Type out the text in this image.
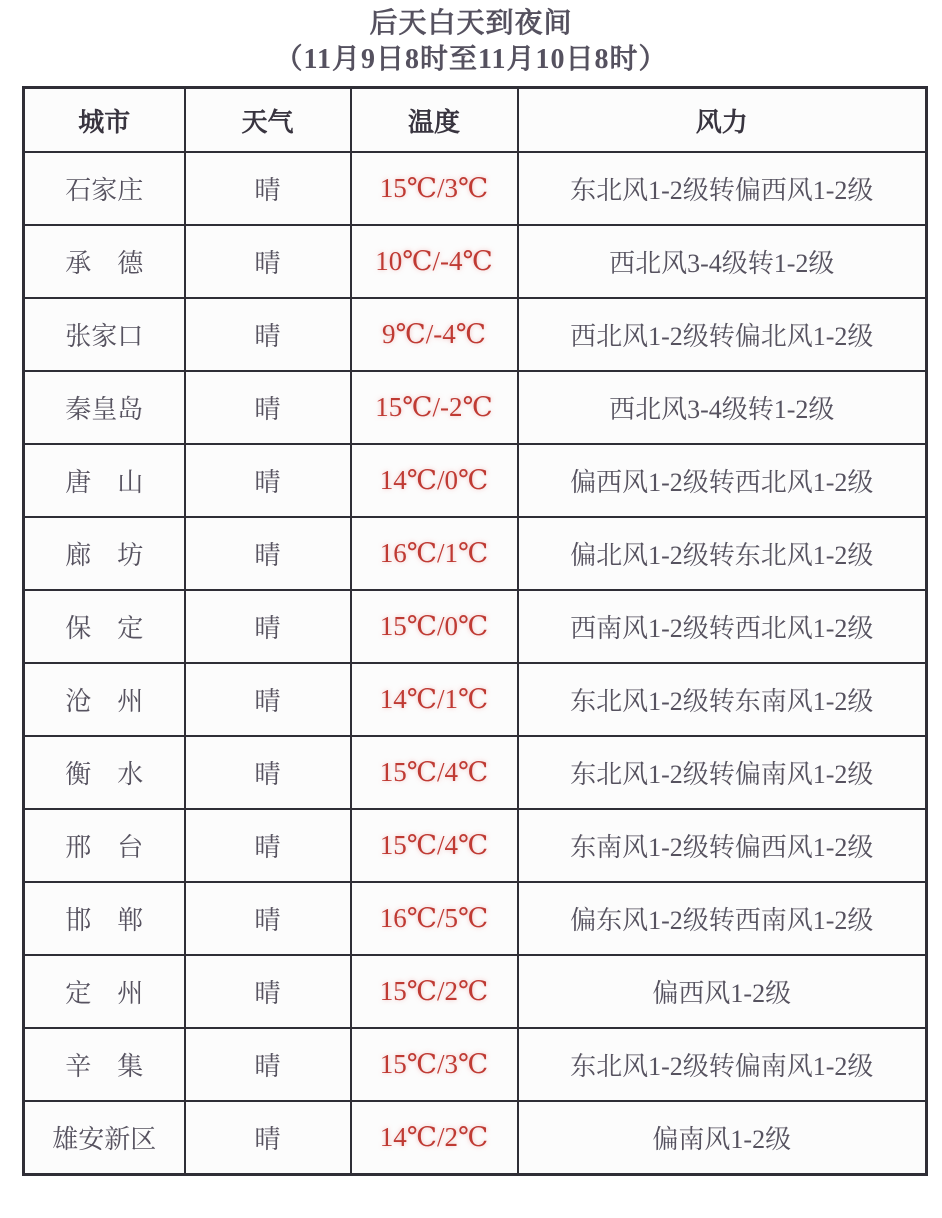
后天白天到夜间
（11月9日8时至11月10日8时）
城市	天气	温度	风力
石家庄	晴	15℃/3℃	东北风1-2级转偏西风1-2级
承　德	晴	10℃/-4℃	西北风3-4级转1-2级
张家口	晴	9℃/-4℃	西北风1-2级转偏北风1-2级
秦皇岛	晴	15℃/-2℃	西北风3-4级转1-2级
唐　山	晴	14℃/0℃	偏西风1-2级转西北风1-2级
廊　坊	晴	16℃/1℃	偏北风1-2级转东北风1-2级
保　定	晴	15℃/0℃	西南风1-2级转西北风1-2级
沧　州	晴	14℃/1℃	东北风1-2级转东南风1-2级
衡　水	晴	15℃/4℃	东北风1-2级转偏南风1-2级
邢　台	晴	15℃/4℃	东南风1-2级转偏西风1-2级
邯　郸	晴	16℃/5℃	偏东风1-2级转西南风1-2级
定　州	晴	15℃/2℃	偏西风1-2级
辛　集	晴	15℃/3℃	东北风1-2级转偏南风1-2级
雄安新区	晴	14℃/2℃	偏南风1-2级
